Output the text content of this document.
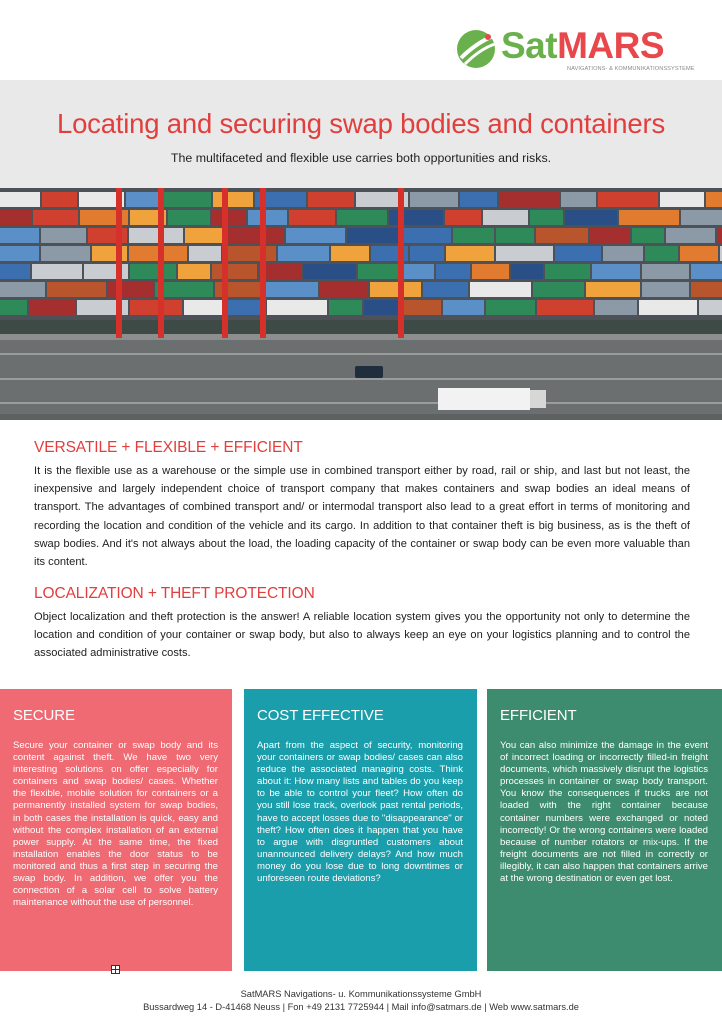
SatMARS
NAVIGATIONS- & KOMMUNIKATIONSSYSTEME
Locating and securing swap bodies and containers

The multifaceted and flexible use carries both opportunities and risks.

VERSATILE + FLEXIBLE + EFFICIENT

It is the flexible use as a warehouse or the simple use in combined transport either by road, rail or ship, and last but not least, the inexpensive and largely independent choice of transport company that makes containers and swap bodies an ideal means of transport. The advantages of combined transport and/ or intermodal transport also lead to a great effort in terms of monitoring and recording the location and condition of the vehicle and its cargo. In addition to that container theft is big business, as is the theft of swap bodies. And it's not always about the load, the loading capacity of the container or swap body can be even more valuable than its content.

LOCALIZATION + THEFT PROTECTION

Object localization and theft protection is the answer! A reliable location system gives you the opportunity not only to determine the location and condition of your container or swap body, but also to always keep an eye on your logistics planning and to control the associated administrative costs.

SECURE

Secure your container or swap body and its content against theft. We have two very interesting solutions on offer especially for containers and swap bodies/ cases. Whether the flexible, mobile solution for containers or a permanently installed system for swap bodies, in both cases the installation is quick, easy and without the complex installation of an external power supply. At the same time, the fixed installation enables the door status to be monitored and thus a first step in securing the swap body. In addition, we offer you the connection of a solar cell to solve battery maintenance without the use of personnel.

COST EFFECTIVE

Apart from the aspect of security, monitoring your containers or swap bodies/ cases can also reduce the associated managing costs. Think about it: How many lists and tables do you keep to be able to control your fleet? How often do you still lose track, overlook past rental periods, have to accept losses due to "disappearance" or theft? How often does it happen that you have to argue with disgruntled customers about unannounced delivery delays? And how much money do you lose due to long downtimes or unforeseen route deviations?

EFFICIENT

You can also minimize the damage in the event of incorrect loading or incorrectly filled-in freight documents, which massively disrupt the logistics processes in container or swap body transport. You know the consequences if trucks are not loaded with the right container because container numbers were exchanged or noted incorrectly! Or the wrong containers were loaded because of number rotators or mix-ups. If the freight documents are not filled in correctly or illegibly, it can also happen that containers arrive at the wrong destination or even get lost.

SatMARS Navigations- u. Kommunikationssysteme GmbH
Bussardweg 14 - D-41468 Neuss | Fon +49 2131 7725944 | Mail info@satmars.de | Web www.satmars.de
